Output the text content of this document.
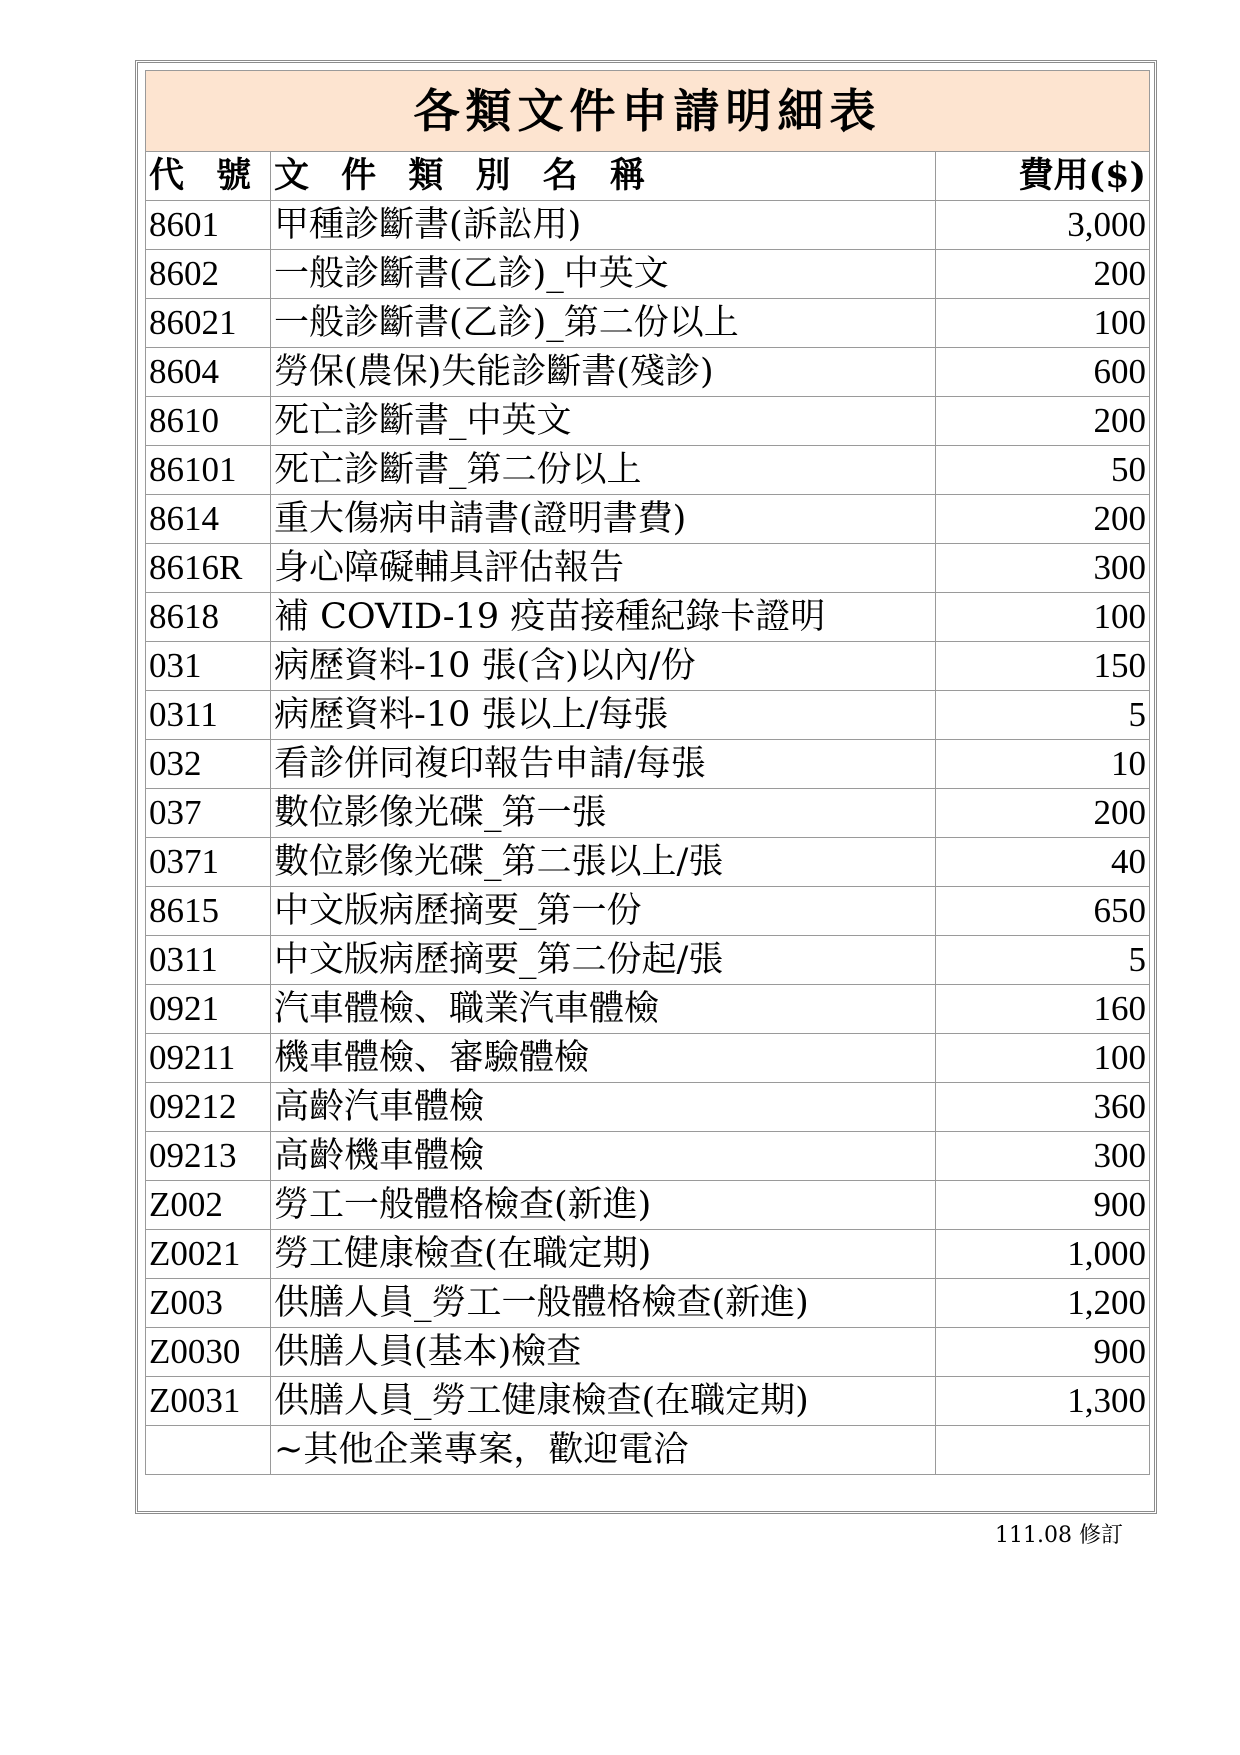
各類文件申請明細表		
代 號	文 件 類 別 名 稱	費用($)
8601	甲種診斷書(訴訟用)	3,000
8602	一般診斷書(乙診)_中英文	200
86021	一般診斷書(乙診)_第二份以上	100
8604	勞保(農保)失能診斷書(殘診)	600
8610	死亡診斷書_中英文	200
86101	死亡診斷書_第二份以上	50
8614	重大傷病申請書(證明書費)	200
8616R	身心障礙輔具評估報告	300
8618	補 COVID-19 疫苗接種紀錄卡證明	100
031	病歷資料-10 張(含)以內/份	150
0311	病歷資料-10 張以上/每張	5
032	看診併同複印報告申請/每張	10
037	數位影像光碟_第一張	200
0371	數位影像光碟_第二張以上/張	40
8615	中文版病歷摘要_第一份	650
0311	中文版病歷摘要_第二份起/張	5
0921	汽車體檢、職業汽車體檢	160
09211	機車體檢、審驗體檢	100
09212	高齡汽車體檢	360
09213	高齡機車體檢	300
Z002	勞工一般體格檢查(新進)	900
Z0021	勞工健康檢查(在職定期)	1,000
Z003	供膳人員_勞工一般體格檢查(新進)	1,200
Z0030	供膳人員(基本)檢查	900
Z0031	供膳人員_勞工健康檢查(在職定期)	1,300
	~其他企業專案，歡迎電洽	
111.08 修訂
